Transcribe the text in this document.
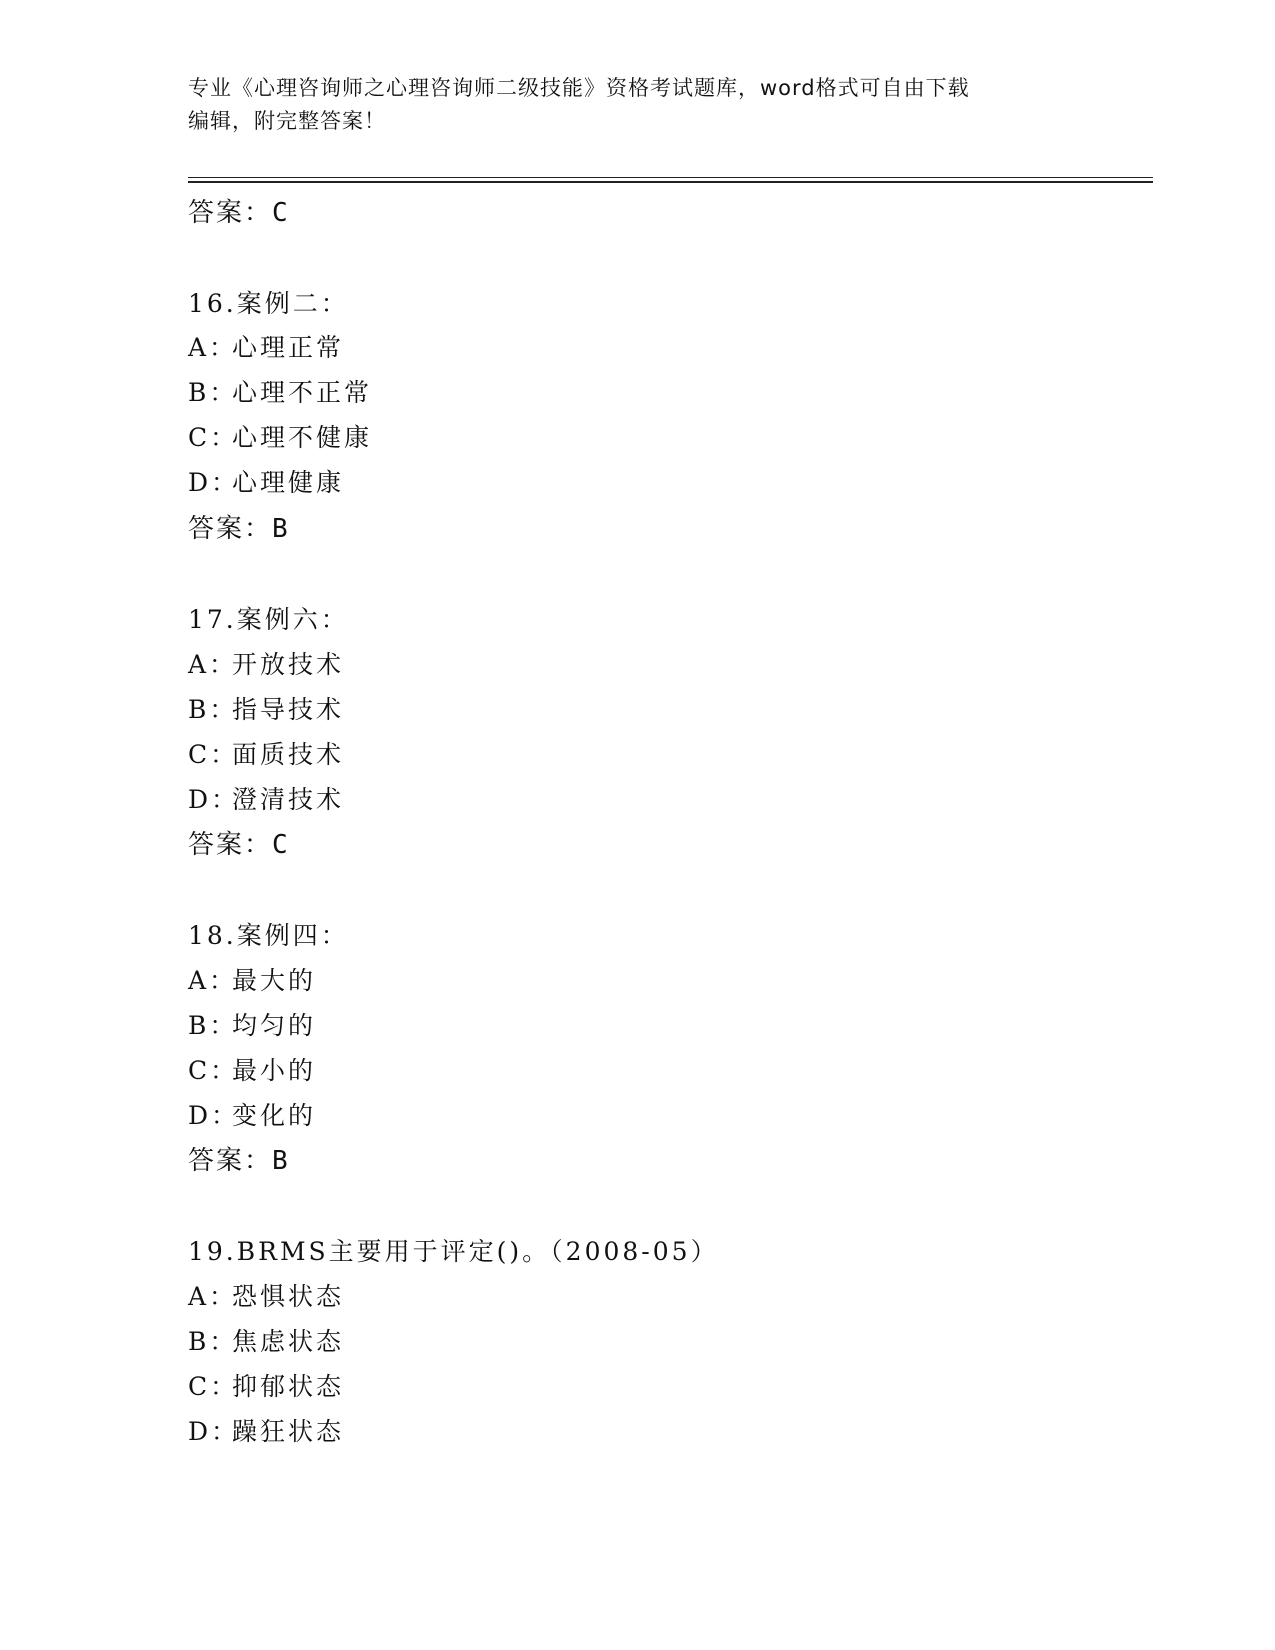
专业《心理咨询师之心理咨询师二级技能》资格考试题库，word格式可自由下载
编辑，附完整答案！
答案：C
16.案例二：
A：心理正常
B：心理不正常
C：心理不健康
D：心理健康
答案：B
17.案例六：
A：开放技术
B：指导技术
C：面质技术
D：澄清技术
答案：C
18.案例四：
A：最大的
B：均匀的
C：最小的
D：变化的
答案：B
19.BRMS主要用于评定()。（2008-05）
A：恐惧状态
B：焦虑状态
C：抑郁状态
D：躁狂状态
